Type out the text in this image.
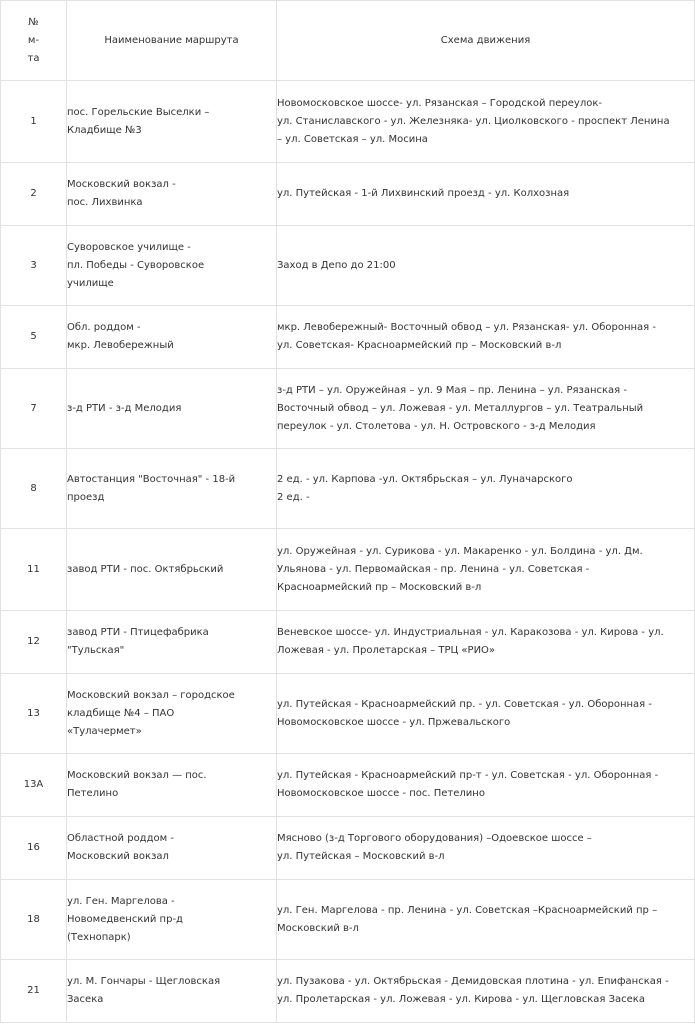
№
м-
та	Наименование маршрута	Схема движения

1	пос. Горельские Выселки –
Кладбище №3	Новомосковское шоссе- ул. Рязанская – Городской переулок-
ул. Станиславского - ул. Железняка- ул. Циолковского - проспект Ленина
– ул. Советская – ул. Мосина

2	Московский вокзал -
пос. Лихвинка	ул. Путейская - 1-й Лихвинский проезд - ул. Колхозная

3	Суворовское училище -
пл. Победы - Суворовское
училище	Заход в Депо до 21:00

5	Обл. роддом -
мкр. Левобережный	мкр. Левобережный- Восточный обвод – ул. Рязанская- ул. Оборонная -
ул. Советская- Красноармейский пр – Московский в-л

7	з-д РТИ - з-д Мелодия	з-д РТИ – ул. Оружейная – ул. 9 Мая – пр. Ленина – ул. Рязанская -
Восточный обвод – ул. Ложевая - ул. Металлургов – ул. Театральный
переулок - ул. Столетова - ул. Н. Островского - з-д Мелодия

8	Автостанция "Восточная" - 18-й
проезд	2 ед. - ул. Карпова -ул. Октябрьская – ул. Луначарского
2 ед. -

11	завод РТИ - пос. Октябрьский	ул. Оружейная - ул. Сурикова - ул. Макаренко - ул. Болдина - ул. Дм.
Ульянова - ул. Первомайская - пр. Ленина - ул. Советская -
Красноармейский пр – Московский в-л

12	завод РТИ - Птицефабрика
"Тульская"	Веневское шоссе- ул. Индустриальная - ул. Каракозова - ул. Кирова - ул.
Ложевая - ул. Пролетарская – ТРЦ «РИО»

13	Московский вокзал – городское
кладбище №4 – ПАО
«Тулачермет»	ул. Путейская - Красноармейский пр. - ул. Советская - ул. Оборонная -
Новомосковское шоссе - ул. Пржевальского

13А	Московский вокзал — пос.
Петелино	ул. Путейская - Красноармейский пр-т - ул. Советская - ул. Оборонная -
Новомосковское шоссе - пос. Петелино

16	Областной роддом -
Московский вокзал	Мясново (з-д Торгового оборудования) –Одоевское шоссе –
ул. Путейская – Московский в-л

18	ул. Ген. Маргелова -
Новомедвенский пр-д
(Технопарк)	ул. Ген. Маргелова - пр. Ленина - ул. Советская –Красноармейский пр –
Московский в-л

21	ул. М. Гончары - Щегловская
Засека	ул. Пузакова - ул. Октябрьская - Демидовская плотина - ул. Епифанская -
ул. Пролетарская - ул. Ложевая - ул. Кирова - ул. Щегловская Засека
